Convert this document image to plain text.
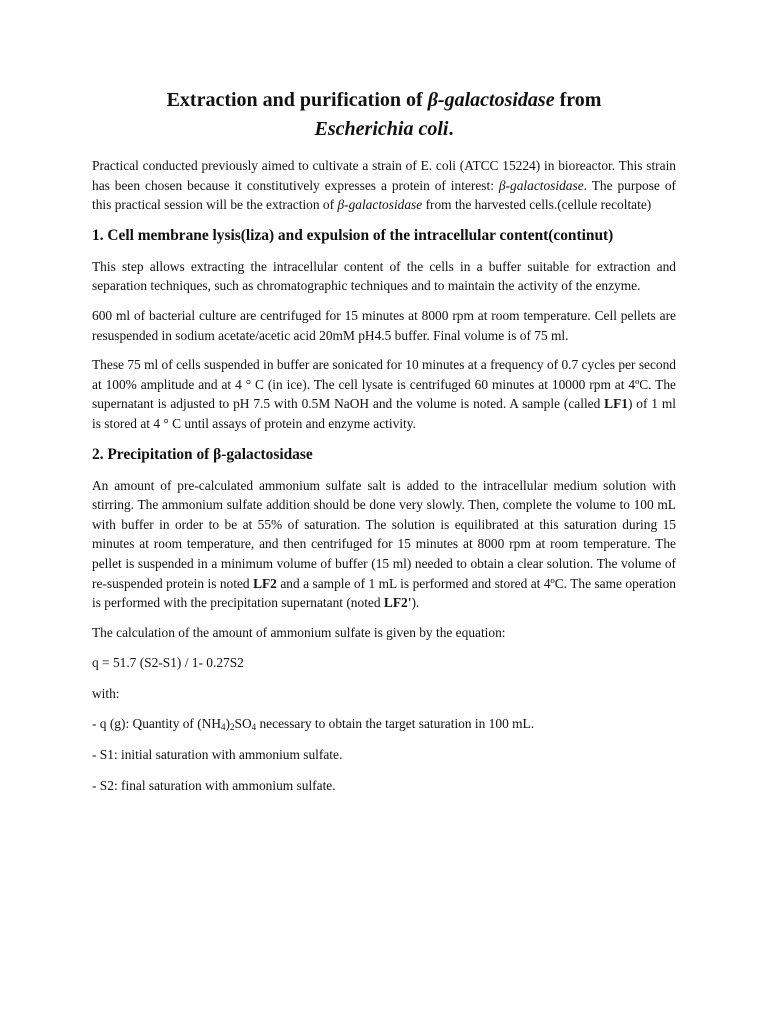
Extraction and purification of β-galactosidase from
Escherichia coli.

Practical conducted previously aimed to cultivate a strain of E. coli (ATCC 15224) in bioreactor. This strain has been chosen because it constitutively expresses a protein of interest: β-galactosidase. The purpose of this practical session will be the extraction of β-galactosidase from the harvested cells.(cellule recoltate)

1. Cell membrane lysis(liza) and expulsion of the intracellular content(continut)

This step allows extracting the intracellular content of the cells in a buffer suitable for extraction and separation techniques, such as chromatographic techniques and to maintain the activity of the enzyme.

600 ml of bacterial culture are centrifuged for 15 minutes at 8000 rpm at room temperature. Cell pellets are resuspended in sodium acetate/acetic acid 20mM pH4.5 buffer. Final volume is of 75 ml.

These 75 ml of cells suspended in buffer are sonicated for 10 minutes at a frequency of 0.7 cycles per second at 100% amplitude and at 4 ° C (in ice). The cell lysate is centrifuged 60 minutes at 10000 rpm at 4ºC. The supernatant is adjusted to pH 7.5 with 0.5M NaOH and the volume is noted. A sample (called LF1) of 1 ml is stored at 4 ° C until assays of protein and enzyme activity.

2. Precipitation of β-galactosidase

An amount of pre-calculated ammonium sulfate salt is added to the intracellular medium solution with stirring. The ammonium sulfate addition should be done very slowly. Then, complete the volume to 100 mL with buffer in order to be at 55% of saturation. The solution is equilibrated at this saturation during 15 minutes at room temperature, and then centrifuged for 15 minutes at 8000 rpm at room temperature. The pellet is suspended in a minimum volume of buffer (15 ml) needed to obtain a clear solution. The volume of re-suspended protein is noted LF2 and a sample of 1 mL is performed and stored at 4ºC. The same operation is performed with the precipitation supernatant (noted LF2').

The calculation of the amount of ammonium sulfate is given by the equation:

q = 51.7 (S2-S1) / 1- 0.27S2

with:

- q (g): Quantity of $(NH_4)_2SO_4$ necessary to obtain the target saturation in 100 mL.

- S1: initial saturation with ammonium sulfate.

- S2: final saturation with ammonium sulfate.
